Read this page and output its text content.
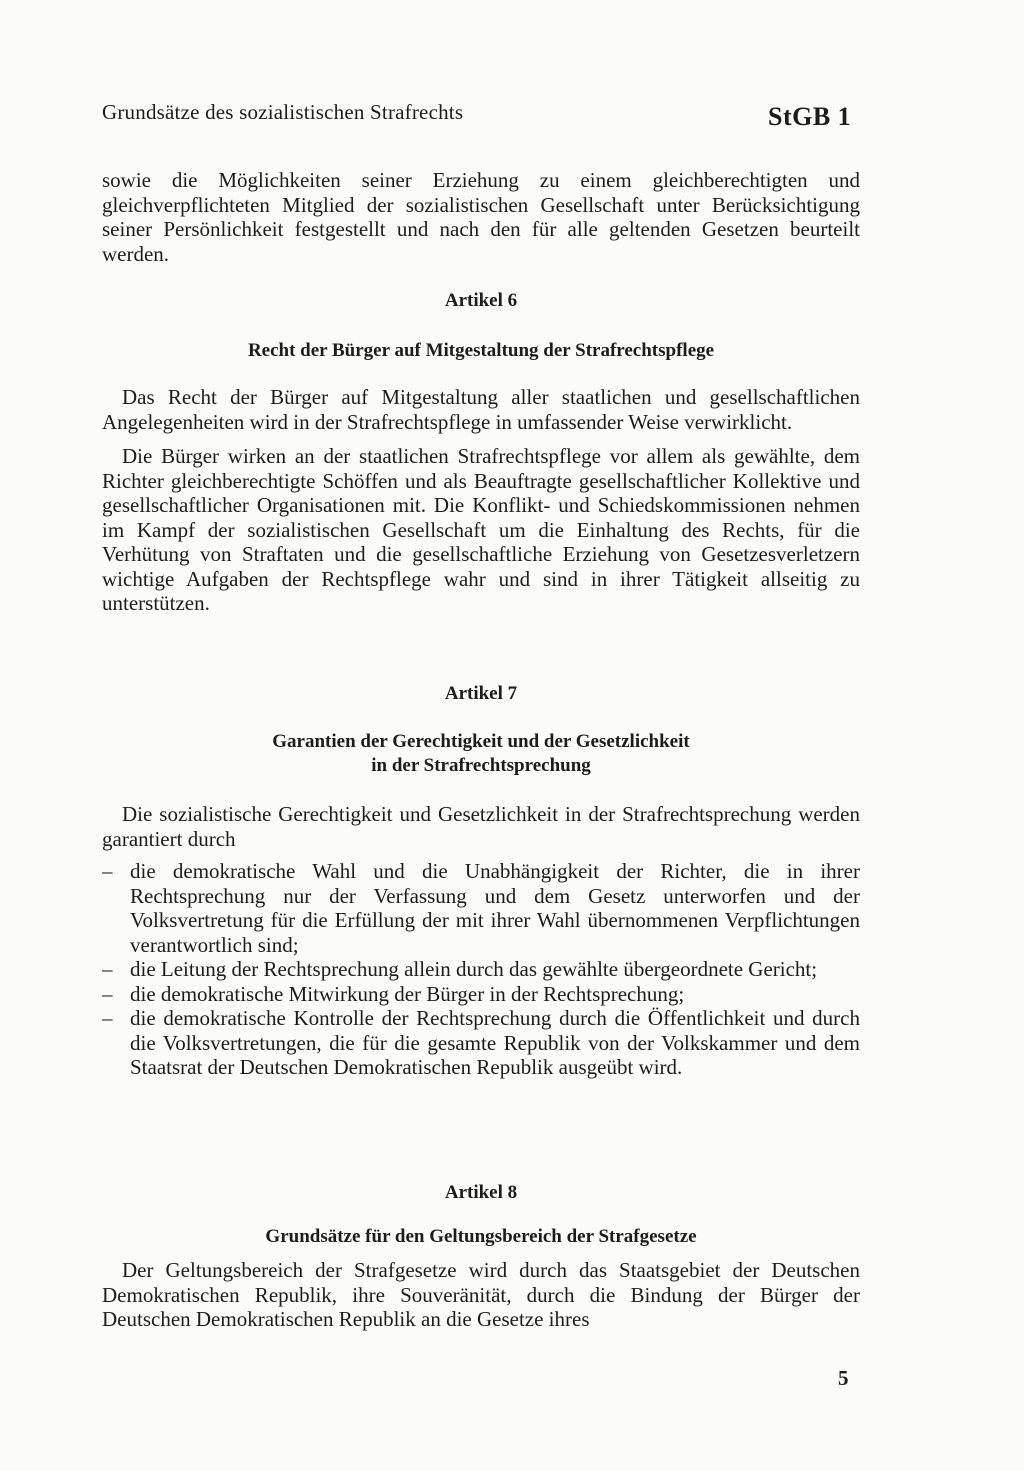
Grundsätze des sozialistischen Strafrechts	StGB 1

sowie die Möglichkeiten seiner Erziehung zu einem gleichberechtigten und gleichverpflichteten Mitglied der sozialistischen Gesellschaft unter Berücksichtigung seiner Persönlichkeit festgestellt und nach den für alle geltenden Gesetzen beurteilt werden.

Artikel 6
Recht der Bürger auf Mitgestaltung der Strafrechtspflege

Das Recht der Bürger auf Mitgestaltung aller staatlichen und gesellschaftlichen Angelegenheiten wird in der Strafrechtspflege in umfassender Weise verwirklicht.

Die Bürger wirken an der staatlichen Strafrechtspflege vor allem als gewählte, dem Richter gleichberechtigte Schöffen und als Beauftragte gesellschaftlicher Kollektive und gesellschaftlicher Organisationen mit. Die Konflikt- und Schiedskommissionen nehmen im Kampf der sozialistischen Gesellschaft um die Einhaltung des Rechts, für die Verhütung von Straftaten und die gesellschaftliche Erziehung von Gesetzesverletzern wichtige Aufgaben der Rechtspflege wahr und sind in ihrer Tätigkeit allseitig zu unterstützen.

Artikel 7
Garantien der Gerechtigkeit und der Gesetzlichkeit
in der Strafrechtsprechung

Die sozialistische Gerechtigkeit und Gesetzlichkeit in der Strafrechtsprechung werden garantiert durch

– die demokratische Wahl und die Unabhängigkeit der Richter, die in ihrer Rechtsprechung nur der Verfassung und dem Gesetz unterworfen und der Volksvertretung für die Erfüllung der mit ihrer Wahl übernommenen Verpflichtungen verantwortlich sind;
– die Leitung der Rechtsprechung allein durch das gewählte übergeordnete Gericht;
– die demokratische Mitwirkung der Bürger in der Rechtsprechung;
– die demokratische Kontrolle der Rechtsprechung durch die Öffentlichkeit und durch die Volksvertretungen, die für die gesamte Republik von der Volkskammer und dem Staatsrat der Deutschen Demokratischen Republik ausgeübt wird.
Artikel 8
Grundsätze für den Geltungsbereich der Strafgesetze

Der Geltungsbereich der Strafgesetze wird durch das Staatsgebiet der Deutschen Demokratischen Republik, ihre Souveränität, durch die Bindung der Bürger der Deutschen Demokratischen Republik an die Gesetze ihres

5
